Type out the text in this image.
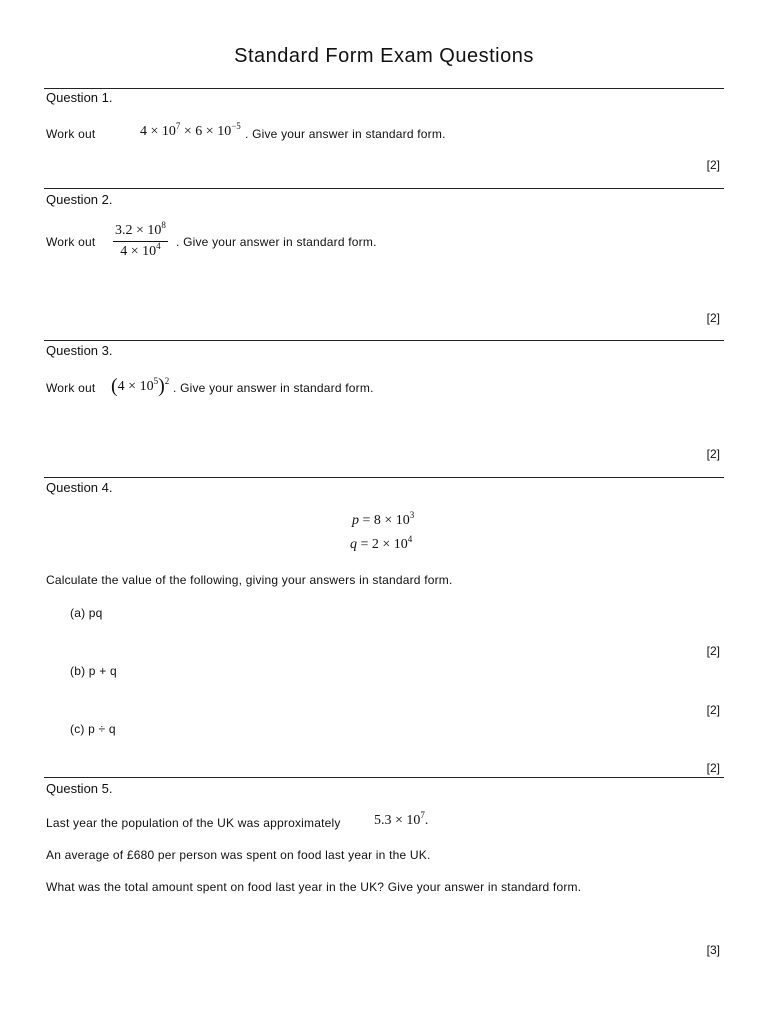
Standard Form Exam Questions
Question 1.
Work out	$4 \times 10^7 \times 6 \times 10^{-5}$
. Give your answer in standard form.
[2]
Question 2.
Work out
$3.2 \times 10^8$
$4 \times 10^4$	. Give your answer in standard form.
[2]
Question 3.
Work out $(4 \times 10^5)^2$ . Give your answer in standard form.
[2]
Question 4.
$p = 8 \times 10^3$
$q = 2 \times 10^4$
Calculate the value of the following, giving your answers in standard form.
(a) pq
[2]
(b) p + q
[2]
(c) p ÷ q
[2]
Question 5.
Last year the population of the UK was approximately $5.3 \times 10^7$.
An average of £680 per person was spent on food last year in the UK.
What was the total amount spent on food last year in the UK? Give your answer in standard form.
[3]
